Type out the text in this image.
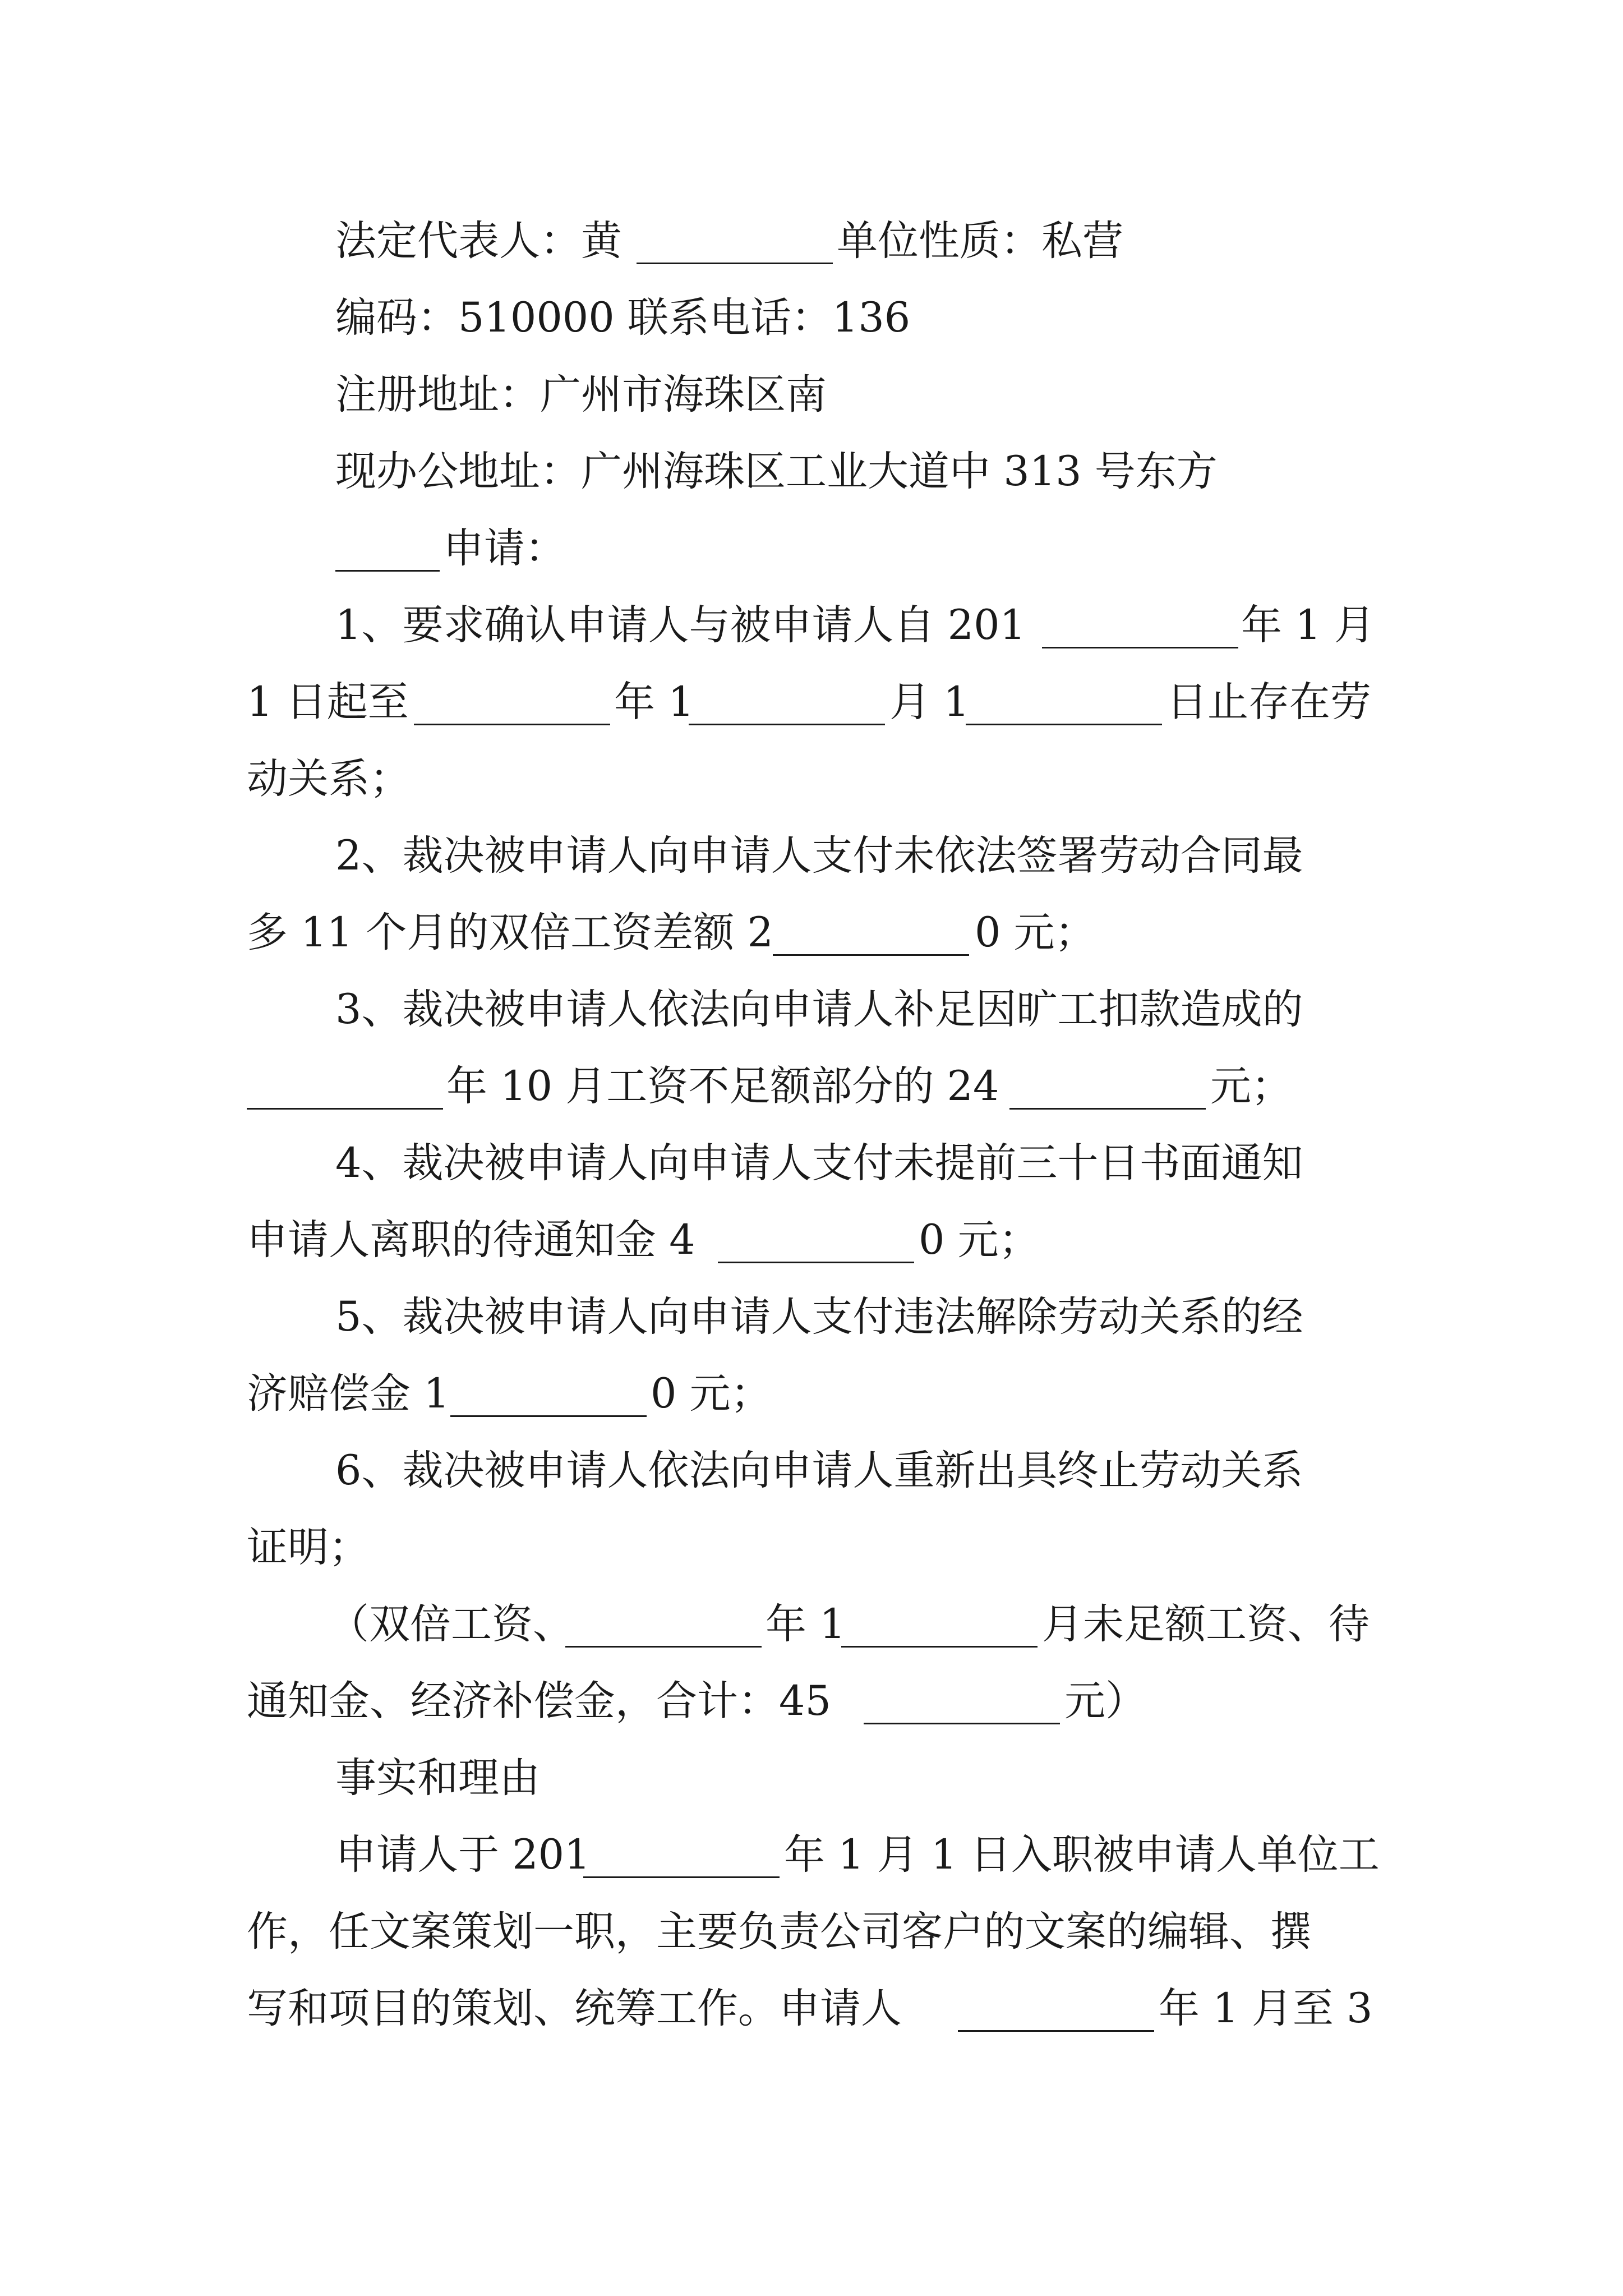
法定代表人：黄	单位性质：私营
编码：510000 联系电话：136
注册地址：广州市海珠区南
现办公地址：广州海珠区工业大道中 313 号东方
申请：
1、要求确认申请人与被申请人自 201	年 1 月
1 日起至	年 1	月 1	日止存在劳
动关系；
2、裁决被申请人向申请人支付未依法签署劳动合同最
多 11 个月的双倍工资差额 2	0 元；
3、裁决被申请人依法向申请人补足因旷工扣款造成的
年 10 月工资不足额部分的 24	元；
4、裁决被申请人向申请人支付未提前三十日书面通知
申请人离职的待通知金 4	0 元；
5、裁决被申请人向申请人支付违法解除劳动关系的经
济赔偿金 1	0 元；
6、裁决被申请人依法向申请人重新出具终止劳动关系
证明；
（双倍工资、	年 1	月未足额工资、待
通知金、经济补偿金，合计：45	元）
事实和理由
申请人于 201	年 1 月 1 日入职被申请人单位工
作，任文案策划一职，主要负责公司客户的文案的编辑、撰
写和项目的策划、统筹工作。申请人	年 1 月至 3
